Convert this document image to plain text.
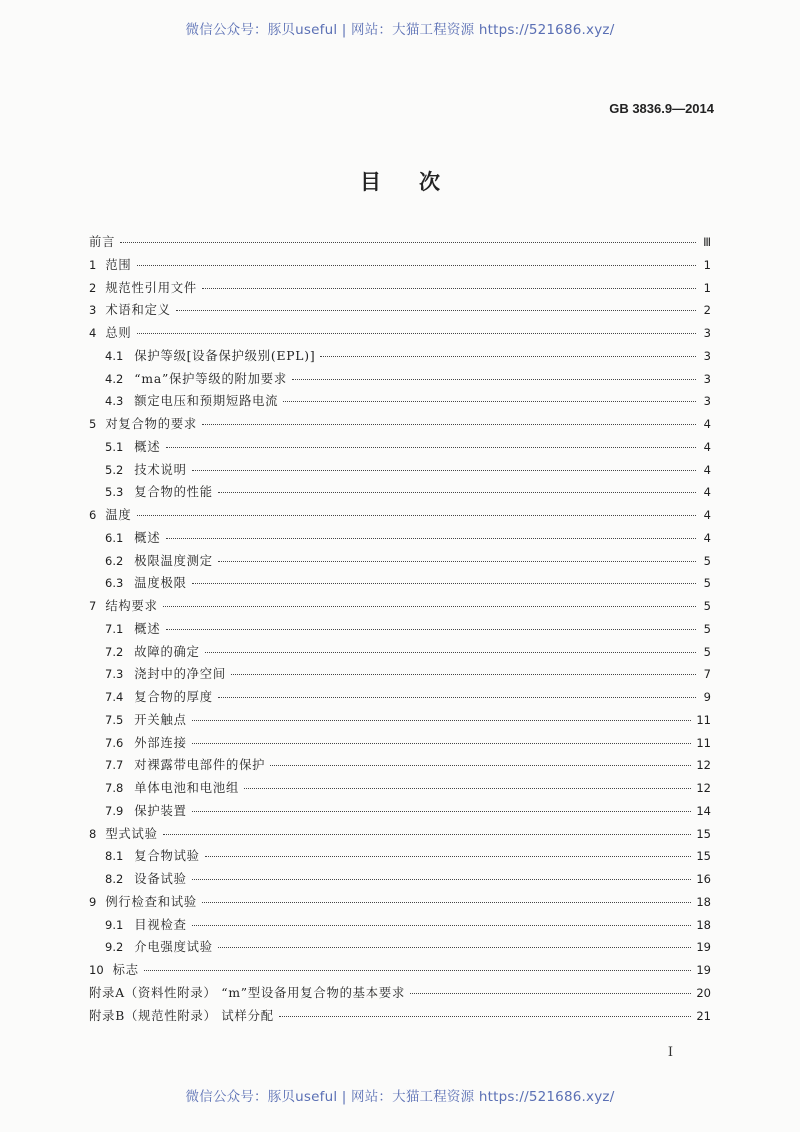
微信公众号：豚贝useful | 网站：大猫工程资源 https://521686.xyz/
GB 3836.9—2014
目次
前言	Ⅲ
1 范围	1
2 规范性引用文件	1
3 术语和定义	2
4 总则	3
4.1 保护等级[设备保护级别(EPL)]	3
4.2 “ma”保护等级的附加要求	3
4.3 额定电压和预期短路电流	3
5 对复合物的要求	4
5.1 概述	4
5.2 技术说明	4
5.3 复合物的性能	4
6 温度	4
6.1 概述	4
6.2 极限温度测定	5
6.3 温度极限	5
7 结构要求	5
7.1 概述	5
7.2 故障的确定	5
7.3 浇封中的净空间	7
7.4 复合物的厚度	9
7.5 开关触点	11
7.6 外部连接	11
7.7 对裸露带电部件的保护	12
7.8 单体电池和电池组	12
7.9 保护装置	14
8 型式试验	15
8.1 复合物试验	15
8.2 设备试验	16
9 例行检查和试验	18
9.1 目视检查	18
9.2 介电强度试验	19
10 标志	19
附录A（资料性附录） “m”型设备用复合物的基本要求	20
附录B（规范性附录） 试样分配	21
I
微信公众号：豚贝useful | 网站：大猫工程资源 https://521686.xyz/
